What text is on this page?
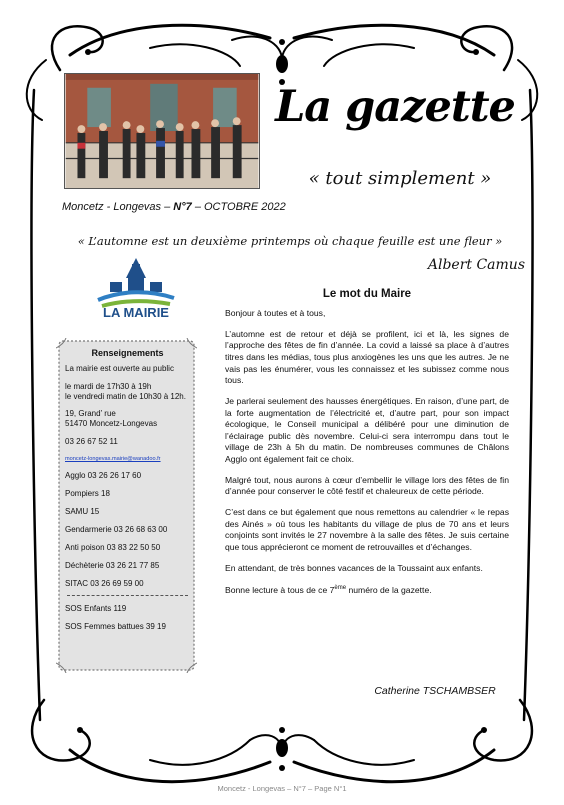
La gazette
« tout simplement »
Moncetz - Longevas – N°7 – OCTOBRE 2022
« L’automne est un deuxième printemps où chaque feuille est une fleur »
Albert Camus
LA MAIRIE
Renseignements
La mairie est ouverte au public
le mardi de 17h30 à 19h
le vendredi matin de 10h30 à 12h.
19, Grand’ rue
51470 Moncetz-Longevas
03 26 67 52 11
moncetz-longevas.mairie@wanadoo.fr
Agglo 03 26 26 17 60
Pompiers 18
SAMU 15
Gendarmerie 03 26 68 63 00
Anti poison 03 83 22 50 50
Déchèterie 03 26 21 77 85
SITAC 03 26 69 59 00
SOS Enfants 119
SOS Femmes battues 39 19
Le mot du Maire

Bonjour à toutes et à tous,

L’automne est de retour et déjà se profilent, ici et là, les signes de l’approche des fêtes de fin d’année. La covid a laissé sa place à d’autres titres dans les médias, tous plus anxiogènes les uns que les autres. Je ne vais pas les énumérer, vous les connaissez et les subissez comme nous tous.

Je parlerai seulement des hausses énergétiques. En raison, d’une part, de la forte augmentation de l’électricité et, d’autre part, pour son impact écologique, le Conseil municipal a délibéré pour une diminution de l’éclairage public dès novembre. Celui-ci sera interrompu dans tout le village de 23h à 5h du matin. De nombreuses communes de Châlons Agglo ont également fait ce choix.

Malgré tout, nous aurons à cœur d’embellir le village lors des fêtes de fin d’année pour conserver le côté festif et chaleureux de cette période.

C’est dans ce but également que nous remettons au calendrier « le repas des Ainés » où tous les habitants du village de plus de 70 ans et leurs conjoints sont invités le 27 novembre à la salle des fêtes. Je suis certaine que tous apprécieront ce moment de retrouvailles et d’échanges.

En attendant, de très bonnes vacances de la Toussaint aux enfants.

Bonne lecture à tous de ce 7ème numéro de la gazette.

Catherine TSCHAMBSER
Moncetz - Longevas – N°7 – Page N°1
